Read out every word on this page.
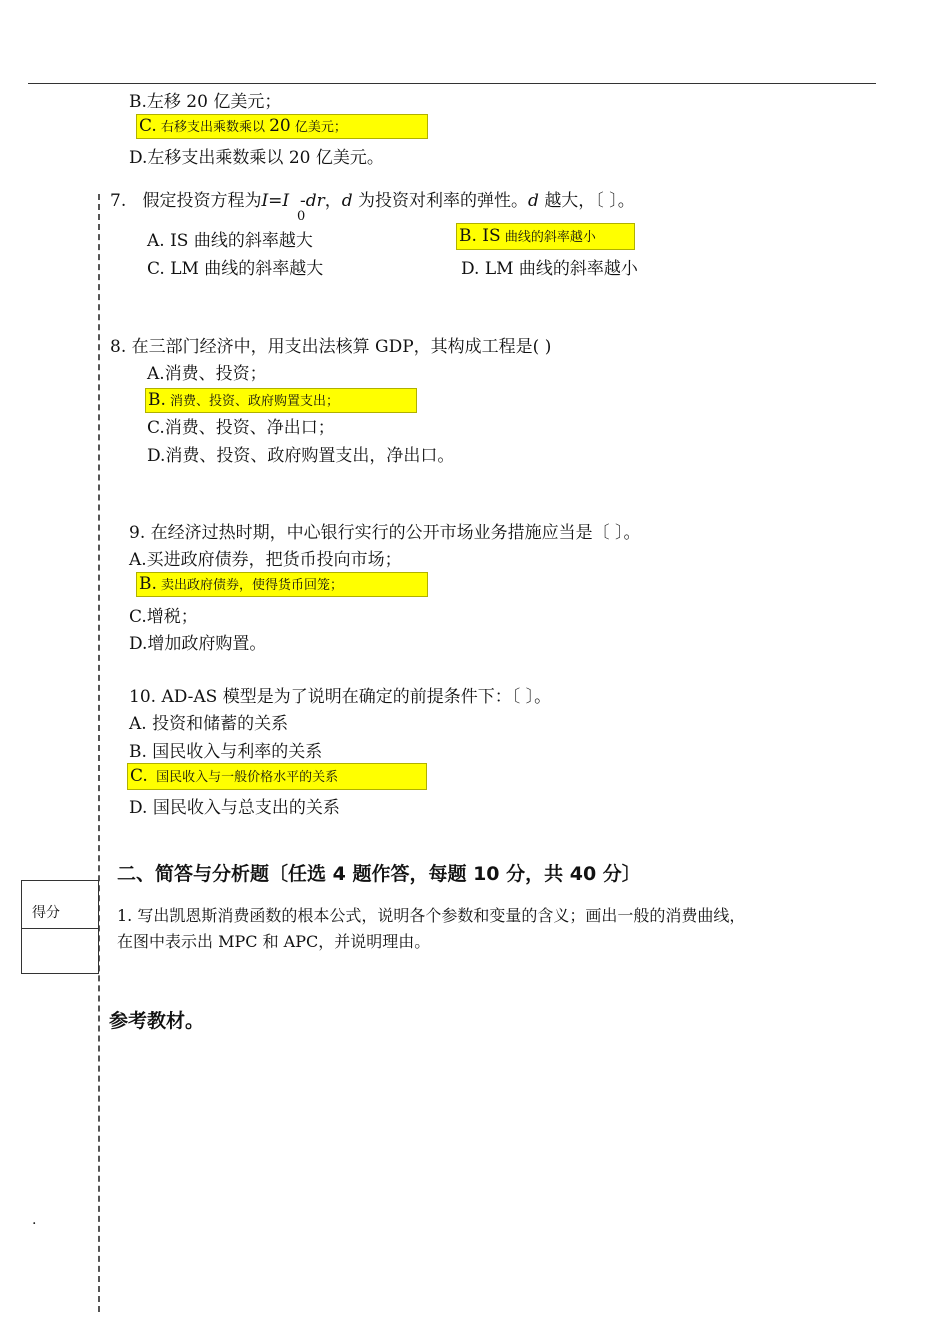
B.左移 20 亿美元；
C. 右移支出乘数乘以 20 亿美元；
D.左移支出乘数乘以 20 亿美元。
7. 假定投资方程为I=I -dr，d 为投资对利率的弹性。d 越大，〔 〕。
0
A. IS 曲线的斜率越大	B. IS 曲线的斜率越小
C. LM 曲线的斜率越大	D. LM 曲线的斜率越小
8. 在三部门经济中，用支出法核算 GDP，其构成工程是( )
A.消费、投资；
B. 消费、投资、政府购置支出；
C.消费、投资、净出口；
D.消费、投资、政府购置支出，净出口。
9. 在经济过热时期，中心银行实行的公开市场业务措施应当是〔 〕。
A.买进政府债券，把货币投向市场；
B. 卖出政府债券，使得货币回笼；
C.增税；
D.增加政府购置。
10. AD-AS 模型是为了说明在确定的前提条件下：〔 〕。
A. 投资和储蓄的关系
B. 国民收入与利率的关系
C. 国民收入与一般价格水平的关系
D. 国民收入与总支出的关系
二、简答与分析题〔任选 4 题作答，每题 10 分，共 40 分〕
得分	1. 写出凯恩斯消费函数的根本公式，说明各个参数和变量的含义；画出一般的消费曲线，
在图中表示出 MPC 和 APC，并说明理由。
参考教材。
.
